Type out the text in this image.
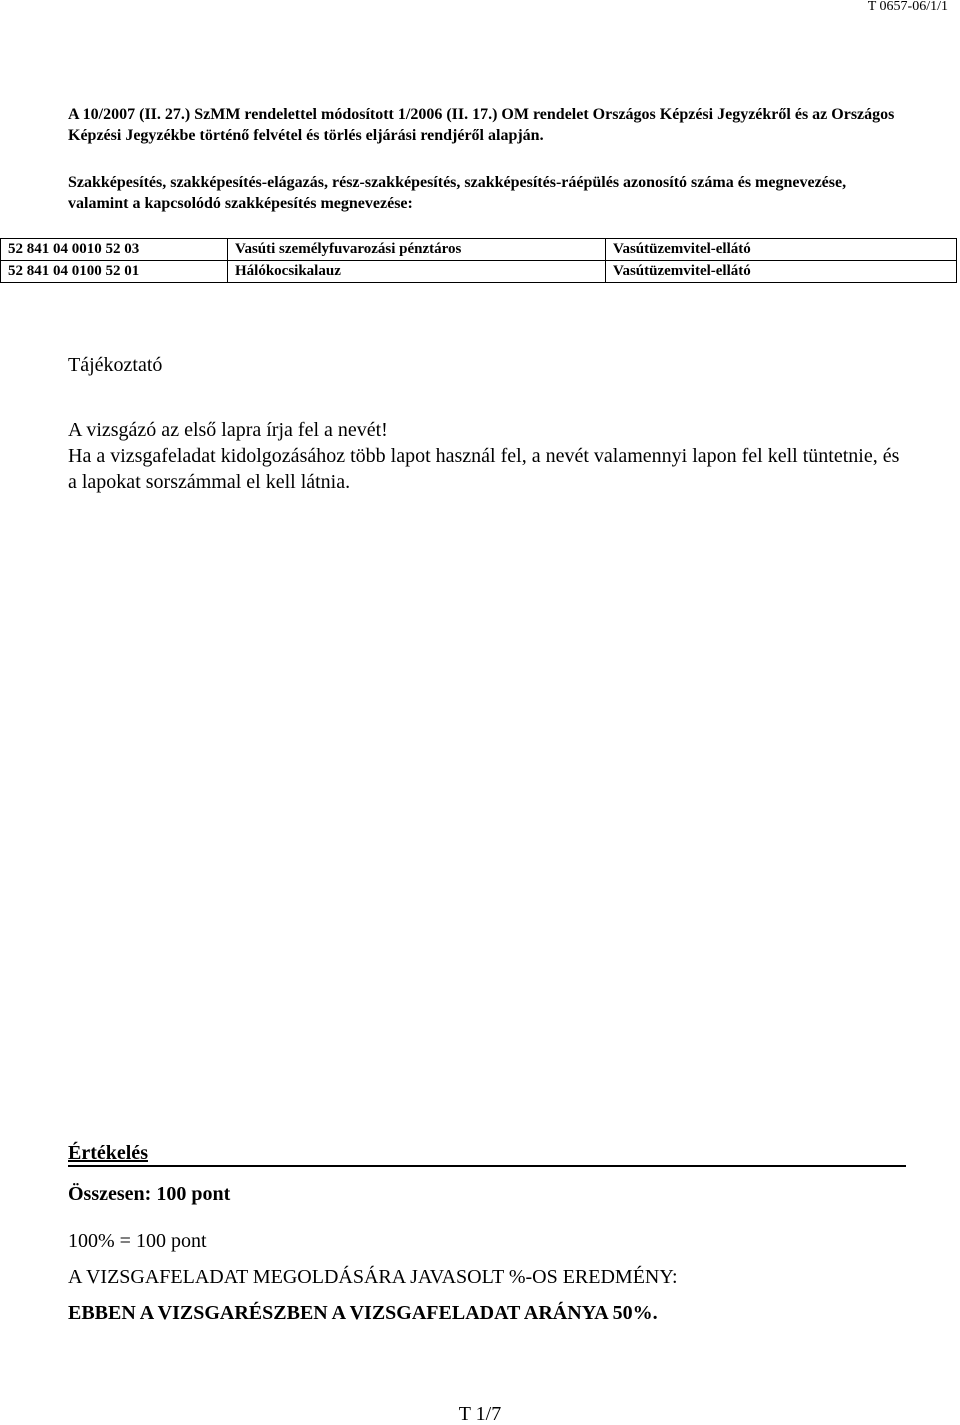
T 0657-06/1/1
A 10/2007 (II. 27.) SzMM rendelettel módosított 1/2006 (II. 17.) OM rendelet Országos Képzési Jegyzékről és az Országos Képzési Jegyzékbe történő felvétel és törlés eljárási rendjéről alapján.
Szakképesítés, szakképesítés-elágazás, rész-szakképesítés, szakképesítés-ráépülés azonosító száma és megnevezése, valamint a kapcsolódó szakképesítés megnevezése:
52 841 04 0010 52 03	Vasúti személyfuvarozási pénztáros	Vasútüzemvitel-ellátó
52 841 04 0100 52 01	Hálókocsikalauz	Vasútüzemvitel-ellátó
Tájékoztató

A vizsgázó az első lapra írja fel a nevét!

Ha a vizsgafeladat kidolgozásához több lapot használ fel, a nevét valamennyi lapon fel kell tüntetnie, és a lapokat sorszámmal el kell látnia.

Értékelés
Összesen: 100 pont
100% = 100 pont
A VIZSGAFELADAT MEGOLDÁSÁRA JAVASOLT %-OS EREDMÉNY:
EBBEN A VIZSGARÉSZBEN A VIZSGAFELADAT ARÁNYA 50%.
T 1/7
